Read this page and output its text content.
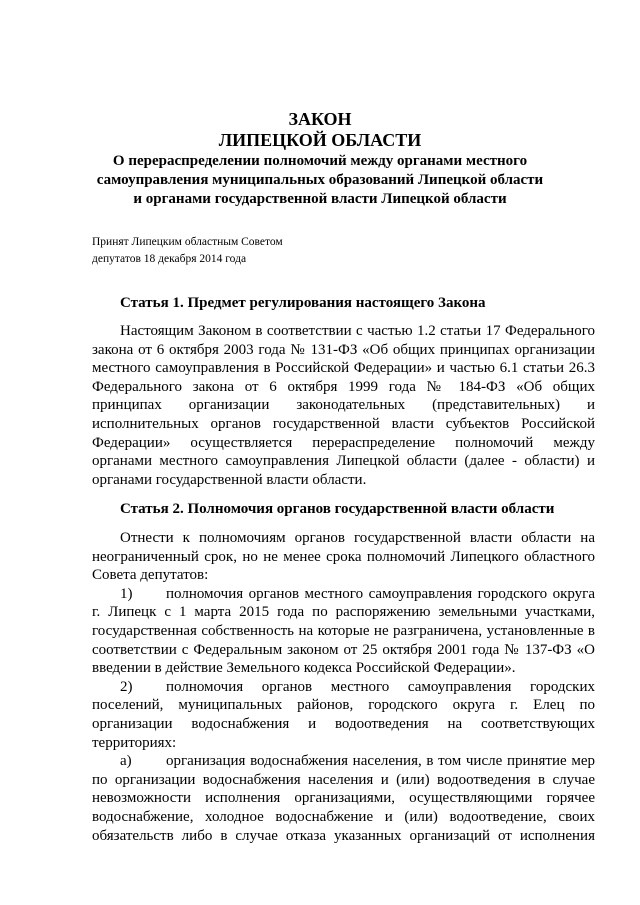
ЗАКОН
ЛИПЕЦКОЙ ОБЛАСТИ
О перераспределении полномочий между органами местного
самоуправления муниципальных образований Липецкой области
и органами государственной власти Липецкой области
Принят Липецким областным Советом
депутатов 18 декабря 2014 года
Статья 1. Предмет регулирования настоящего Закона
Настоящим Законом в соответствии с частью 1.2 статьи 17 Федерального
закона от 6 октября 2003 года № 131-ФЗ «Об общих принципах организации
местного самоуправления в Российской Федерации» и частью 6.1 статьи 26.3
Федерального закона от 6 октября 1999 года № 184-ФЗ «Об общих
принципах организации законодательных (представительных) и
исполнительных органов государственной власти субъектов Российской
Федерации» осуществляется перераспределение полномочий между
органами местного самоуправления Липецкой области (далее - области) и
органами государственной власти области.
Статья 2. Полномочия органов государственной власти области
Отнести к полномочиям органов государственной власти области на
неограниченный срок, но не менее срока полномочий Липецкого областного
Совета депутатов:
1) полномочия органов местного самоуправления городского округа
г. Липецк с 1 марта 2015 года по распоряжению земельными участками,
государственная собственность на которые не разграничена, установленные в
соответствии с Федеральным законом от 25 октября 2001 года № 137-ФЗ «О
введении в действие Земельного кодекса Российской Федерации».
2) полномочия органов местного самоуправления городских
поселений, муниципальных районов, городского округа г. Елец по
организации водоснабжения и водоотведения на соответствующих
территориях:
а) организация водоснабжения населения, в том числе принятие мер
по организации водоснабжения населения и (или) водоотведения в случае
невозможности исполнения организациями, осуществляющими горячее
водоснабжение, холодное водоснабжение и (или) водоотведение, своих
обязательств либо в случае отказа указанных организаций от исполнения
